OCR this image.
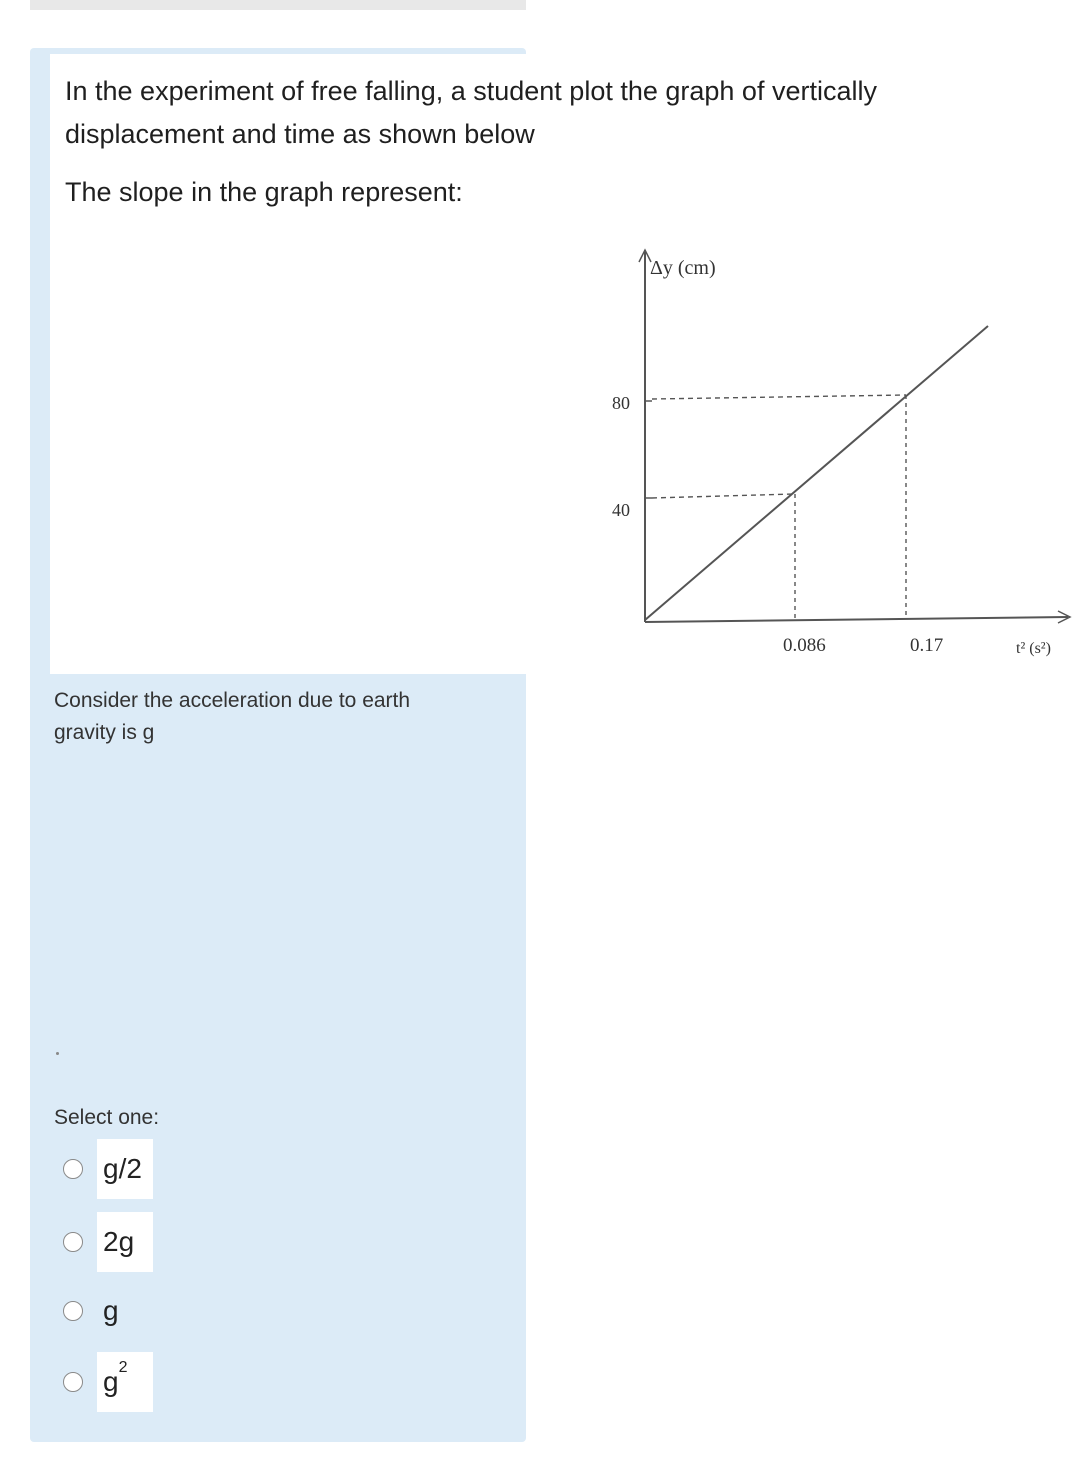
In the experiment of free falling, a student plot the graph of vertically
displacement and time as shown below
The slope in the graph represent:
Δy (cm)
80
40
0.086	0.17	t² (s²)
Consider the acceleration due to earth
gravity is g
Select one:
g/2
2g
g
g 2
